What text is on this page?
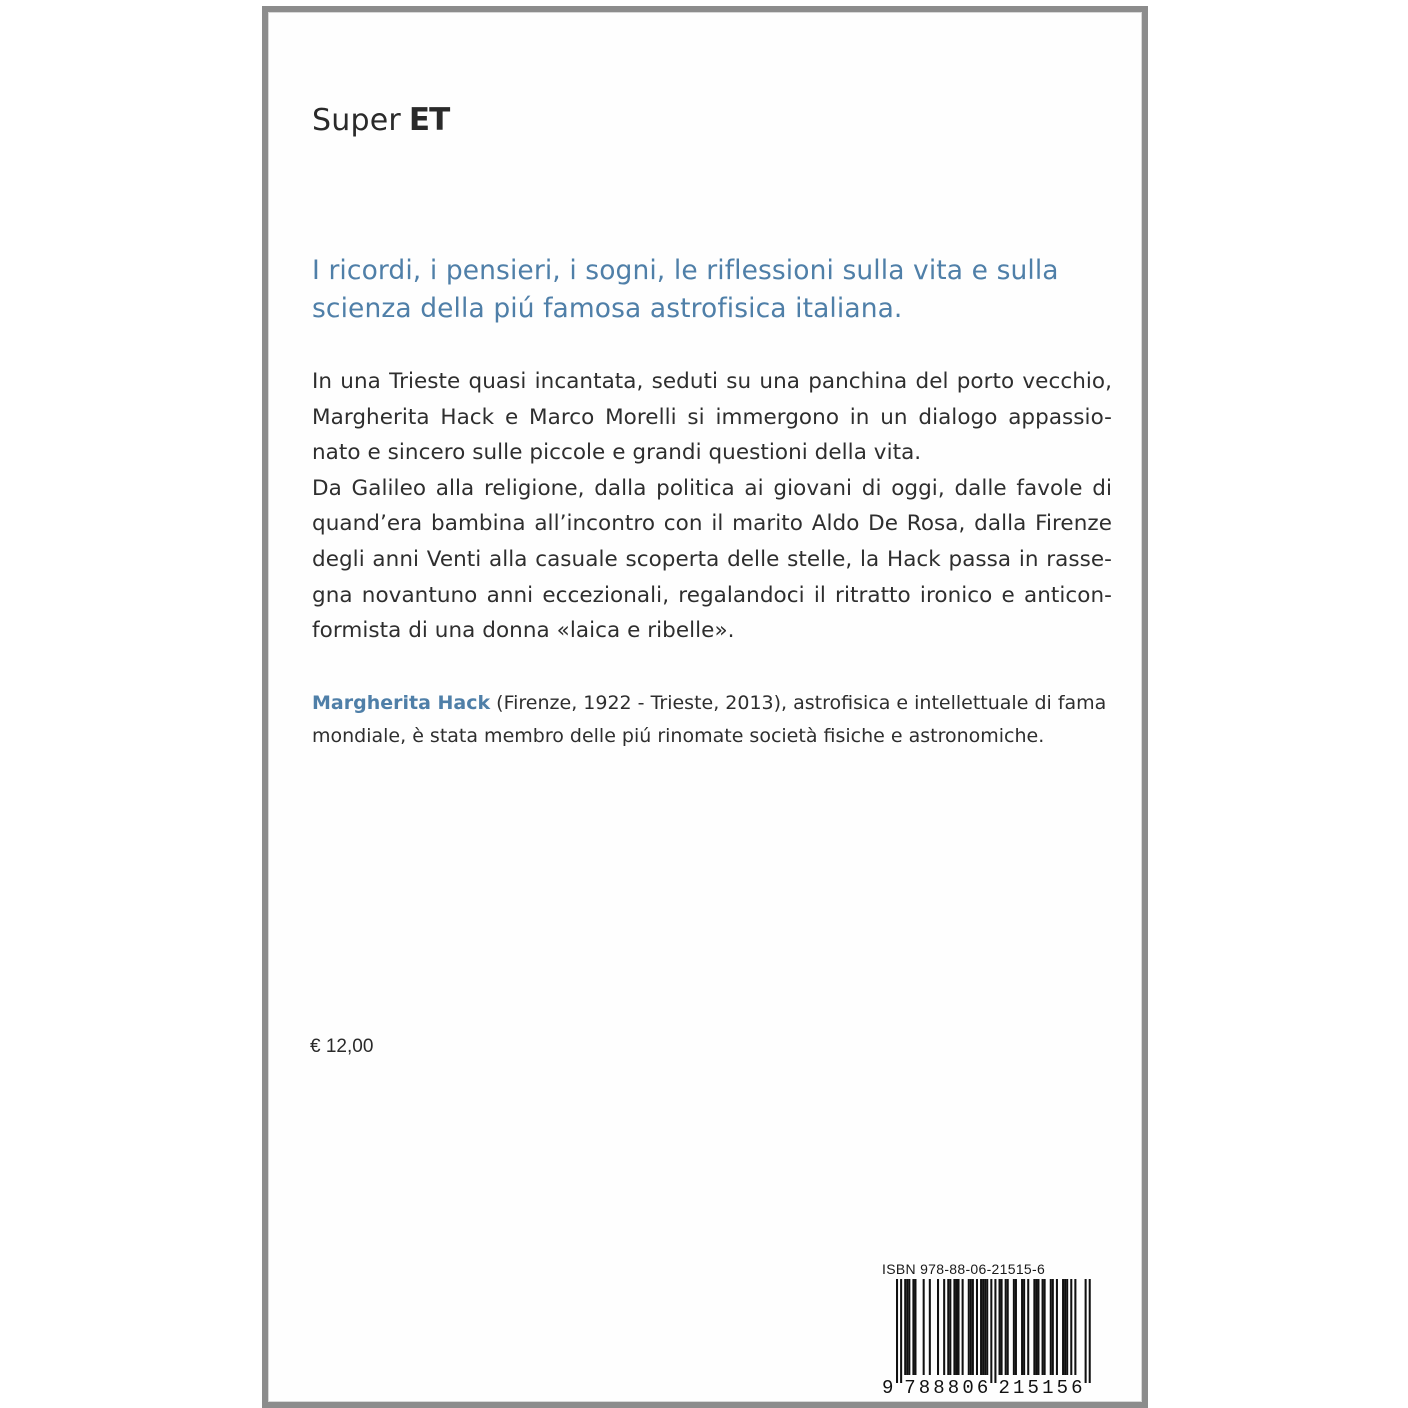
Super ET
I ricordi, i pensieri, i sogni, le riflessioni sulla vita e sulla scienza della piú famosa astrofisica italiana.
In una Trieste quasi incantata, seduti su una panchina del porto vecchio,
Margherita Hack e Marco Morelli si immergono in un dialogo appassio-
nato e sincero sulle piccole e grandi questioni della vita.
Da Galileo alla religione, dalla politica ai giovani di oggi, dalle favole di
quand’era bambina all’incontro con il marito Aldo De Rosa, dalla Firenze
degli anni Venti alla casuale scoperta delle stelle, la Hack passa in rasse-
gna novantuno anni eccezionali, regalandoci il ritratto ironico e anticon-
formista di una donna «laica e ribelle».
Margherita Hack (Firenze, 1922 - Trieste, 2013), astrofisica e intellettuale di fama
mondiale, è stata membro delle piú rinomate società fisiche e astronomiche.
€ 12,00
ISBN 978-88-06-21515-6
9 788806 215156
